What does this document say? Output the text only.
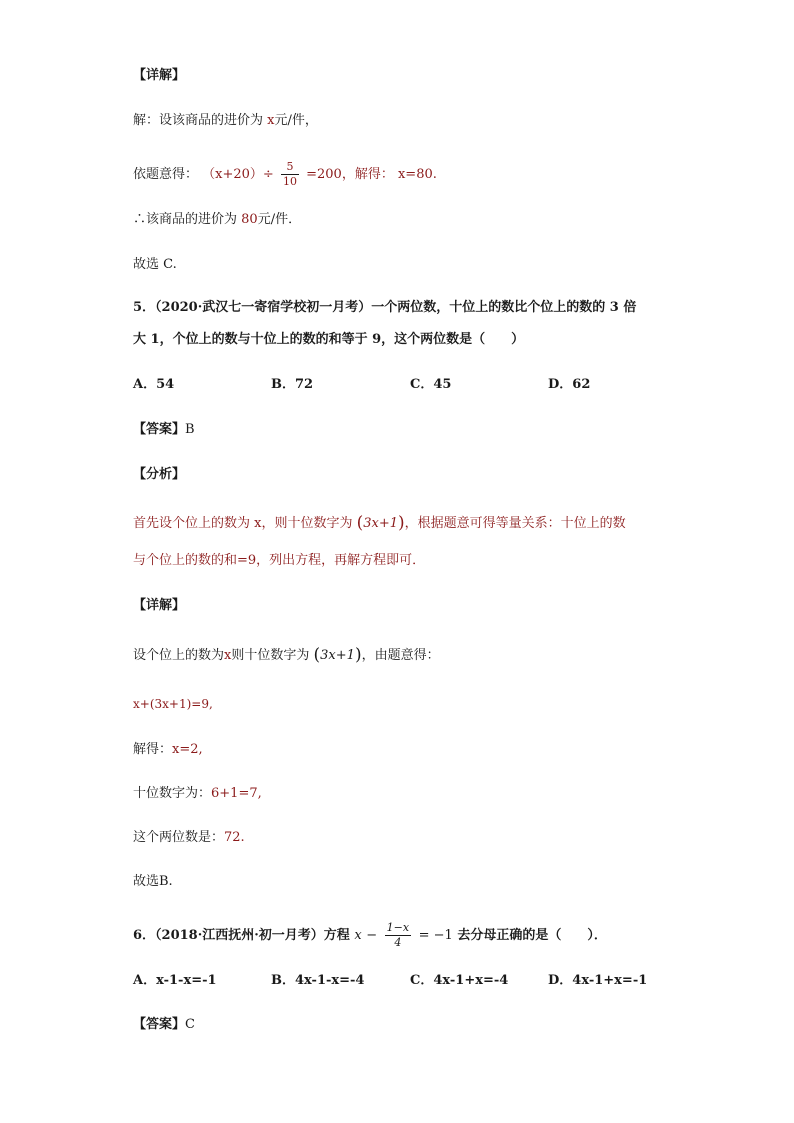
【详解】
解：设该商品的进价为 x元/件，
依题意得： $(x+20)\div \frac{5}{10} =200$，解得： x=80.
∴该商品的进价为 80元/件．
故选 C.
5．（2020·武汉七一寄宿学校初一月考）一个两位数，十位上的数比个位上的数的 3 倍
大 1，个位上的数与十位上的数的和等于 9，这个两位数是（　　）
A．54	B．72	C．45	D．62
【答案】B
【分析】
首先设个位上的数为 x，则十位数字为 (3x+1)，根据题意可得等量关系：十位上的数
与个位上的数的和=9，列出方程，再解方程即可．
【详解】
设个位上的数为x则十位数字为 (3x+1)，由题意得：
x+(3x+1)=9,
解得：x=2,
十位数字为：6+1=7,
这个两位数是：72.
故选B.
6．（2018·江西抚州·初一月考）方程 $x - \frac{1-x}{4} = -1$ 去分母正确的是（　　）．
A．x-1-x=-1	B．4x-1-x=-4	C．4x-1+x=-4	D．4x-1+x=-1
【答案】C
